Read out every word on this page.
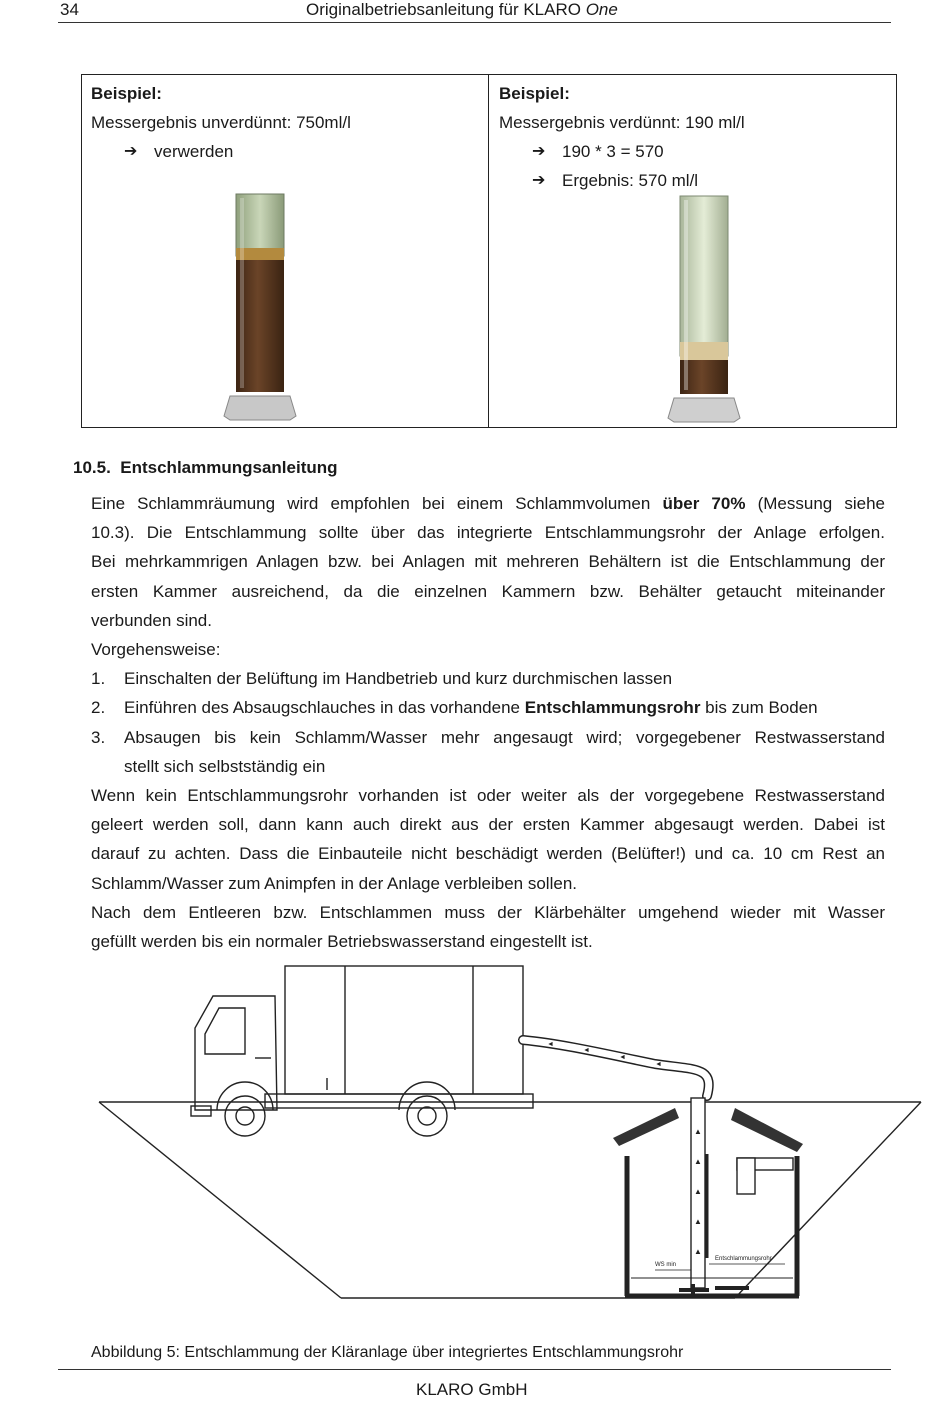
34	Originalbetriebsanleitung für KLARO One
Beispiel:
Messergebnis unverdünnt: 750ml/l
➔ verwerden
Beispiel:
Messergebnis verdünnt: 190 ml/l
➔ 190 * 3 = 570
➔ Ergebnis: 570 ml/l
10.5. Entschlammungsanleitung
Eine Schlammräumung wird empfohlen bei einem Schlammvolumen über 70% (Messung siehe
10.3). Die Entschlammung sollte über das integrierte Entschlammungsrohr der Anlage erfolgen.
Bei mehrkammrigen Anlagen bzw. bei Anlagen mit mehreren Behältern ist die Entschlammung der
ersten Kammer ausreichend, da die einzelnen Kammern bzw. Behälter getaucht miteinander
verbunden sind.
Vorgehensweise:
1.	Einschalten der Belüftung im Handbetrieb und kurz durchmischen lassen
2.	Einführen des Absaugschlauches in das vorhandene Entschlammungsrohr bis zum Boden
3.	Absaugen bis kein Schlamm/Wasser mehr angesaugt wird; vorgegebener Restwasserstand
stellt sich selbstständig ein
Wenn kein Entschlammungsrohr vorhanden ist oder weiter als der vorgegebene Restwasserstand
geleert werden soll, dann kann auch direkt aus der ersten Kammer abgesaugt werden. Dabei ist
darauf zu achten. Dass die Einbauteile nicht beschädigt werden (Belüfter!) und ca. 10 cm Rest an
Schlamm/Wasser zum Animpfen in der Anlage verbleiben sollen.
Nach dem Entleeren bzw. Entschlammen muss der Klärbehälter umgehend wieder mit Wasser
gefüllt werden bis ein normaler Betriebswasserstand eingestellt ist.
◄
◄
◄
◄
▲
▲
▲
▲
▲
WS min
Entschlammungsrohr
Abbildung 5: Entschlammung der Kläranlage über integriertes Entschlammungsrohr
KLARO GmbH
